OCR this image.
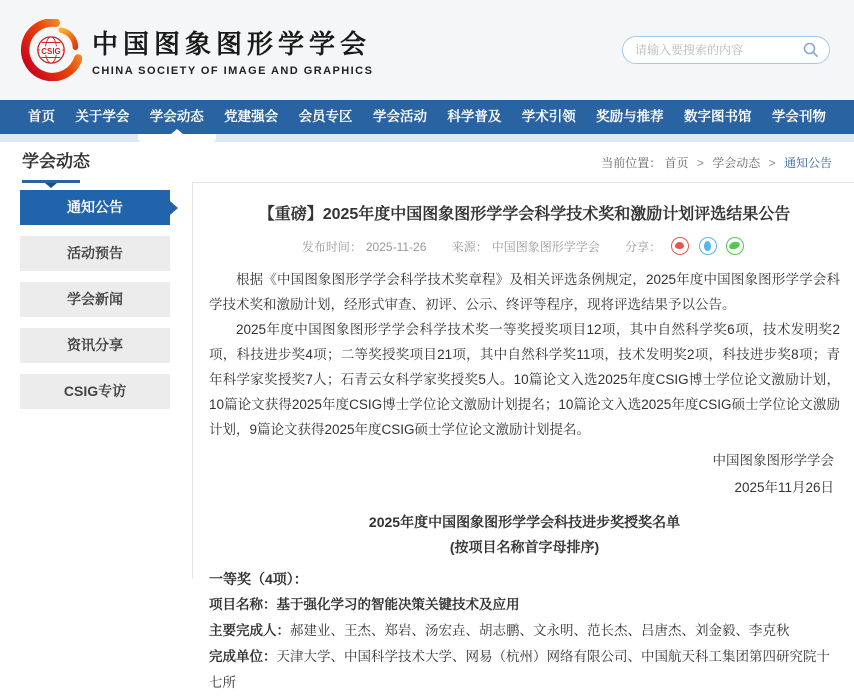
CSIG 中国图象图形学学会
CHINA SOCIETY OF IMAGE AND GRAPHICS
请输入要搜索的内容
首页 关于学会 学会动态 党建强会 会员专区 学会活动 科学普及 学术引领 奖励与推荐 数字图书馆 学会刊物
学会动态	当前位置： 首页 > 学会动态 > 通知公告
通知公告
活动预告
学会新闻
资讯分享
CSIG专访
【重磅】2025年度中国图象图形学学会科学技术奖和激励计划评选结果公告
发布时间： 2025-11-26 来源： 中国图象图形学学会 分享：

根据《中国图象图形学学会科学技术奖章程》及相关评选条例规定，2025年度中国图象图形学学会科学技术奖和激励计划，经形式审查、初评、公示、终评等程序，现将评选结果予以公告。

2025年度中国图象图形学学会科学技术奖一等奖授奖项目12项，其中自然科学奖6项，技术发明奖2项，科技进步奖4项；二等奖授奖项目21项，其中自然科学奖11项，技术发明奖2项，科技进步奖8项；青年科学家奖授奖7人；石青云女科学家奖授奖5人。10篇论文入选2025年度CSIG博士学位论文激励计划，10篇论文获得2025年度CSIG博士学位论文激励计划提名；10篇论文入选2025年度CSIG硕士学位论文激励计划，9篇论文获得2025年度CSIG硕士学位论文激励计划提名。

中国图象图形学学会
2025年11月26日
2025年度中国图象图形学学会科技进步奖授奖名单
(按项目名称首字母排序)
一等奖（4项）：
项目名称：基于强化学习的智能决策关键技术及应用
主要完成人：郝建业、王杰、郑岩、汤宏垚、胡志鹏、文永明、范长杰、吕唐杰、刘金毅、李克秋
完成单位：天津大学、中国科学技术大学、网易（杭州）网络有限公司、中国航天科工集团第四研究院十七所
